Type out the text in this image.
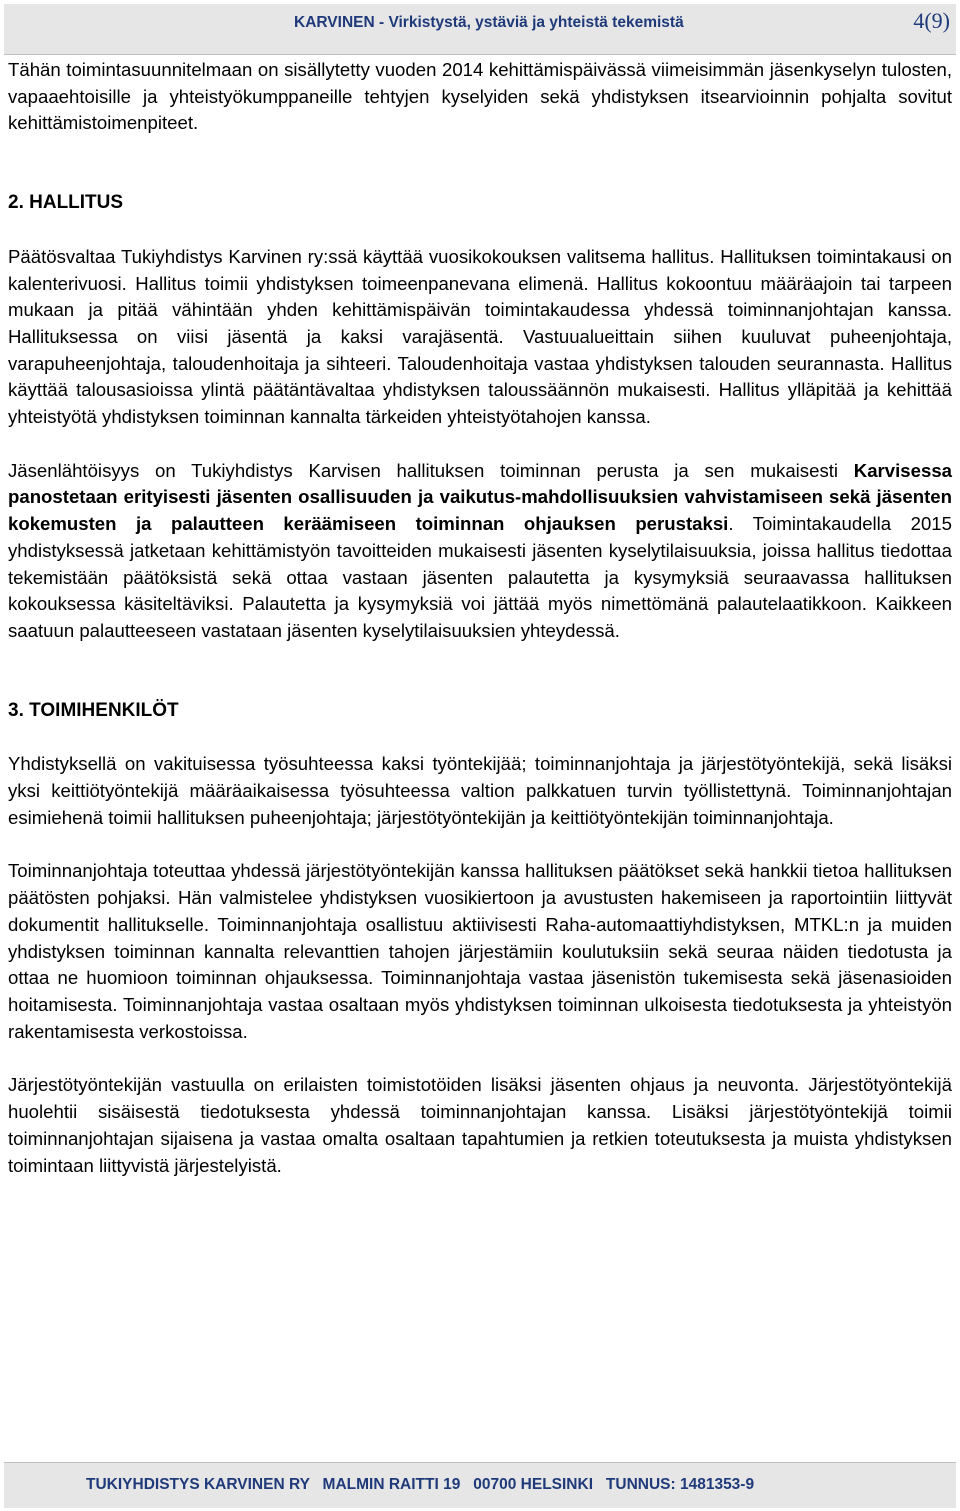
KARVINEN - Virkistystä, ystäviä ja yhteistä tekemistä	4(9)

Tähän toimintasuunnitelmaan on sisällytetty vuoden 2014 kehittämispäivässä viimeisimmän jäsenkyselyn tulosten, vapaaehtoisille ja yhteistyökumppaneille tehtyjen kyselyiden sekä yhdistyksen itsearvioinnin pohjalta sovitut kehittämistoimenpiteet.

2. HALLITUS

Päätösvaltaa Tukiyhdistys Karvinen ry:ssä käyttää vuosikokouksen valitsema hallitus. Hallituksen toimintakausi on kalenterivuosi. Hallitus toimii yhdistyksen toimeenpanevana elimenä. Hallitus kokoontuu määräajoin tai tarpeen mukaan ja pitää vähintään yhden kehittämispäivän toimintakaudessa yhdessä toiminnanjohtajan kanssa. Hallituksessa on viisi jäsentä ja kaksi varajäsentä. Vastuualueittain siihen kuuluvat puheenjohtaja, varapuheenjohtaja, taloudenhoitaja ja sihteeri. Taloudenhoitaja vastaa yhdistyksen talouden seurannasta. Hallitus käyttää talousasioissa ylintä päätäntävaltaa yhdistyksen taloussäännön mukaisesti. Hallitus ylläpitää ja kehittää yhteistyötä yhdistyksen toiminnan kannalta tärkeiden yhteistyötahojen kanssa.

Jäsenlähtöisyys on Tukiyhdistys Karvisen hallituksen toiminnan perusta ja sen mukaisesti Karvisessa panostetaan erityisesti jäsenten osallisuuden ja vaikutus-mahdollisuuksien vahvistamiseen sekä jäsenten kokemusten ja palautteen keräämiseen toiminnan ohjauksen perustaksi. Toimintakaudella 2015 yhdistyksessä jatketaan kehittämistyön tavoitteiden mukaisesti jäsenten kyselytilaisuuksia, joissa hallitus tiedottaa tekemistään päätöksistä sekä ottaa vastaan jäsenten palautetta ja kysymyksiä seuraavassa hallituksen kokouksessa käsiteltäviksi. Palautetta ja kysymyksiä voi jättää myös nimettömänä palautelaatikkoon. Kaikkeen saatuun palautteeseen vastataan jäsenten kyselytilaisuuksien yhteydessä.

3. TOIMIHENKILÖT

Yhdistyksellä on vakituisessa työsuhteessa kaksi työntekijää; toiminnanjohtaja ja järjestötyöntekijä, sekä lisäksi yksi keittiötyöntekijä määräaikaisessa työsuhteessa valtion palkkatuen turvin työllistettynä. Toiminnanjohtajan esimiehenä toimii hallituksen puheenjohtaja; järjestötyöntekijän ja keittiötyöntekijän toiminnanjohtaja.

Toiminnanjohtaja toteuttaa yhdessä järjestötyöntekijän kanssa hallituksen päätökset sekä hankkii tietoa hallituksen päätösten pohjaksi. Hän valmistelee yhdistyksen vuosikiertoon ja avustusten hakemiseen ja raportointiin liittyvät dokumentit hallitukselle. Toiminnanjohtaja osallistuu aktiivisesti Raha-automaattiyhdistyksen, MTKL:n ja muiden yhdistyksen toiminnan kannalta relevanttien tahojen järjestämiin koulutuksiin sekä seuraa näiden tiedotusta ja ottaa ne huomioon toiminnan ohjauksessa. Toiminnanjohtaja vastaa jäsenistön tukemisesta sekä jäsenasioiden hoitamisesta. Toiminnanjohtaja vastaa osaltaan myös yhdistyksen toiminnan ulkoisesta tiedotuksesta ja yhteistyön rakentamisesta verkostoissa.

Järjestötyöntekijän vastuulla on erilaisten toimistotöiden lisäksi jäsenten ohjaus ja neuvonta. Järjestötyöntekijä huolehtii sisäisestä tiedotuksesta yhdessä toiminnanjohtajan kanssa. Lisäksi järjestötyöntekijä toimii toiminnanjohtajan sijaisena ja vastaa omalta osaltaan tapahtumien ja retkien toteutuksesta ja muista yhdistyksen toimintaan liittyvistä järjestelyistä.

TUKIYHDISTYS KARVINEN RY   MALMIN RAITTI 19   00700 HELSINKI   TUNNUS: 1481353-9
